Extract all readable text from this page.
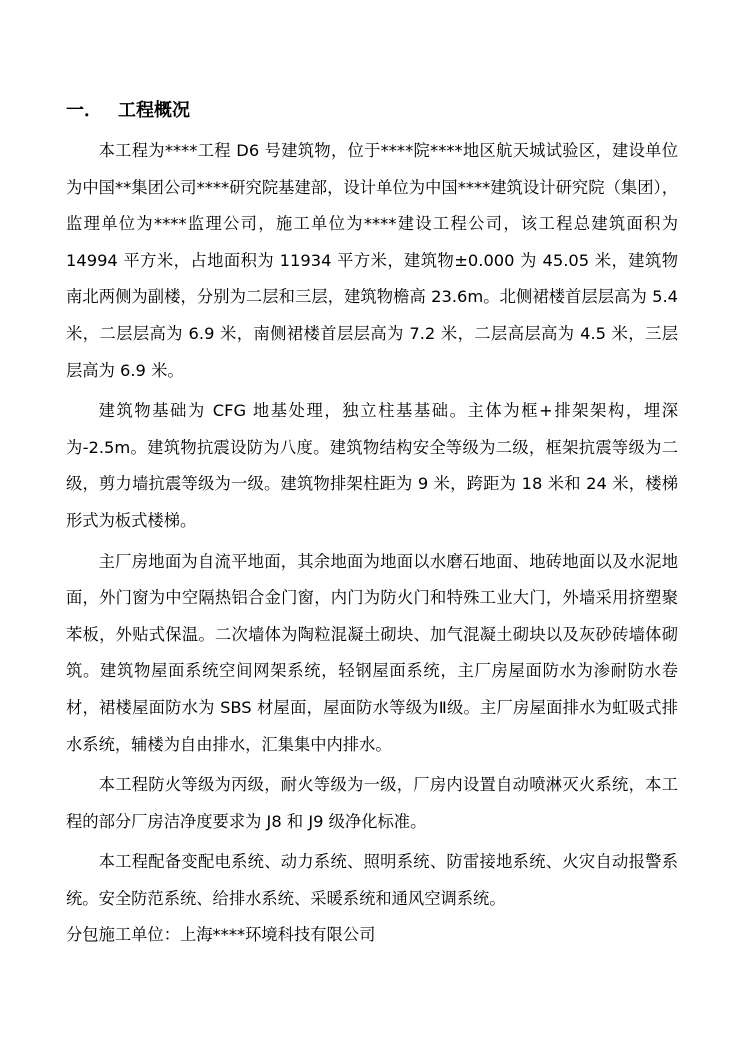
一． 工程概况

本工程为****工程 D6 号建筑物，位于****院****地区航天城试验区，建设单位为中国**集团公司****研究院基建部，设计单位为中国****建筑设计研究院（集团），监理单位为****监理公司，施工单位为****建设工程公司，该工程总建筑面积为 14994 平方米，占地面积为 11934 平方米，建筑物±0.000 为 45.05 米，建筑物南北两侧为副楼，分别为二层和三层，建筑物檐高 23.6m。北侧裙楼首层层高为 5.4 米，二层层高为 6.9 米，南侧裙楼首层层高为 7.2 米，二层高层高为 4.5 米，三层层高为 6.9 米。

建筑物基础为 CFG 地基处理，独立柱基基础。主体为框+排架架构，埋深为-2.5m。建筑物抗震设防为八度。建筑物结构安全等级为二级，框架抗震等级为二级，剪力墙抗震等级为一级。建筑物排架柱距为 9 米，跨距为 18 米和 24 米，楼梯形式为板式楼梯。

主厂房地面为自流平地面，其余地面为地面以水磨石地面、地砖地面以及水泥地面，外门窗为中空隔热铝合金门窗，内门为防火门和特殊工业大门，外墙采用挤塑聚苯板，外贴式保温。二次墙体为陶粒混凝土砌块、加气混凝土砌块以及灰砂砖墙体砌筑。建筑物屋面系统空间网架系统，轻钢屋面系统，主厂房屋面防水为渗耐防水卷材，裙楼屋面防水为 SBS 材屋面，屋面防水等级为Ⅱ级。主厂房屋面排水为虹吸式排水系统，辅楼为自由排水，汇集集中内排水。

本工程防火等级为丙级，耐火等级为一级，厂房内设置自动喷淋灭火系统，本工程的部分厂房洁净度要求为 J8 和 J9 级净化标准。

本工程配备变配电系统、动力系统、照明系统、防雷接地系统、火灾自动报警系统。安全防范系统、给排水系统、采暖系统和通风空调系统。

分包施工单位：上海****环境科技有限公司
